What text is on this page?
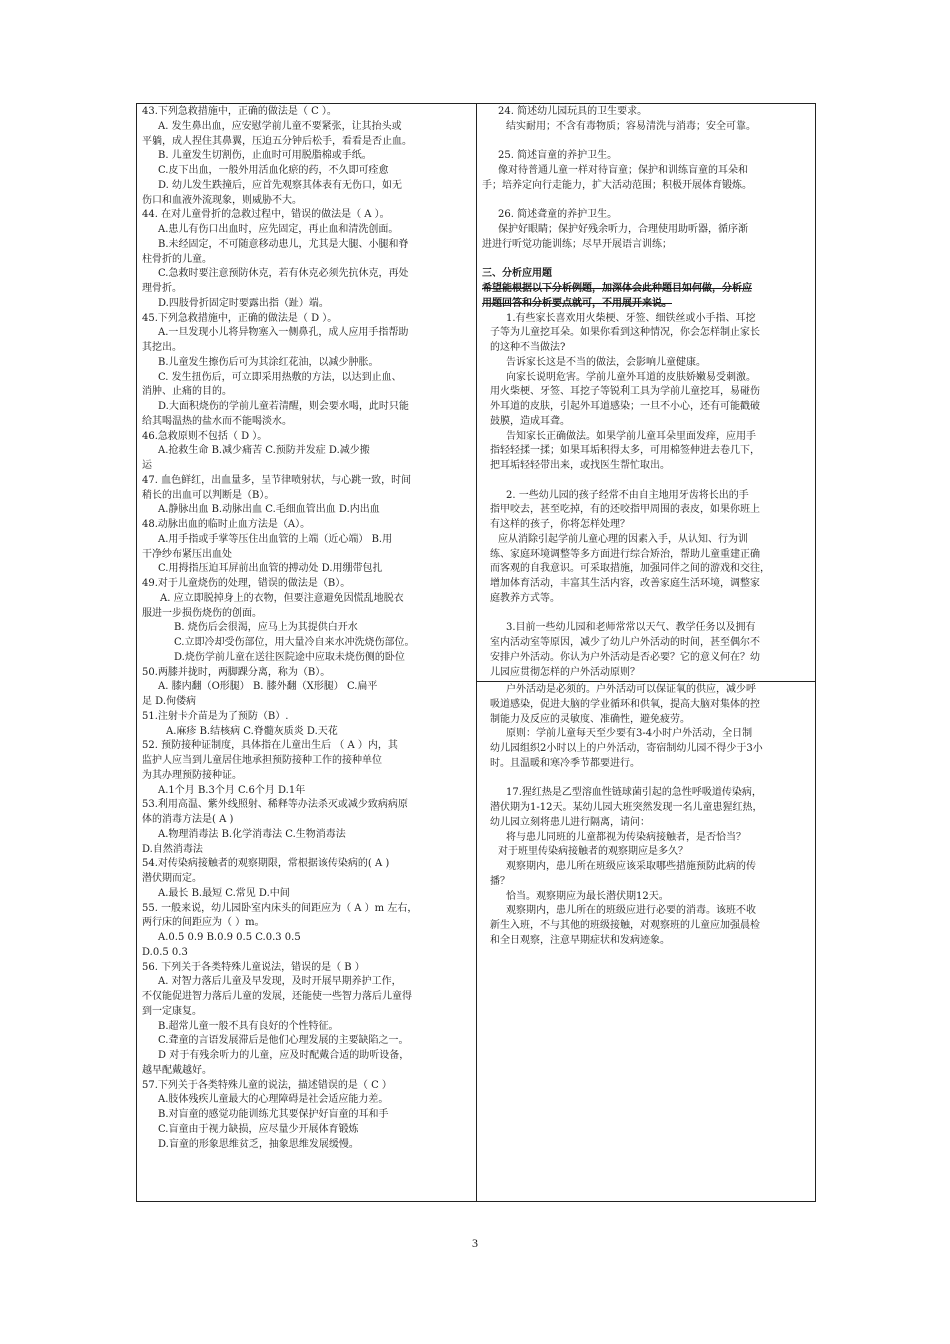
43.下列急救措施中，正确的做法是（ C ）。
A. 发生鼻出血，应安慰学前儿童不要紧张，让其抬头或
平躺，成人捏住其鼻翼，压迫五分钟后松手，看看是否止血。
B. 儿童发生切割伤，止血时可用脱脂棉或手纸。
C.皮下出血，一般外用活血化瘀的药，不久即可痊愈
D. 幼儿发生跌撞后，应首先观察其体表有无伤口，如无
伤口和血液外流现象，则威胁不大。
44. 在对儿童骨折的急救过程中，错误的做法是（ A ）。
A.患儿有伤口出血时，应先固定，再止血和清洗创面。
B.未经固定，不可随意移动患儿，尤其是大腿、小腿和脊
柱骨折的儿童。
C.急救时要注意预防休克，若有休克必须先抗休克，再处
理骨折。
D.四肢骨折固定时要露出指（趾）端。
45.下列急救措施中，正确的做法是（ D ）。
A.一旦发现小儿将异物塞入一侧鼻孔，成人应用手指帮助
其挖出。
B.儿童发生擦伤后可为其涂红花油，以减少肿胀。
C. 发生扭伤后，可立即采用热敷的方法，以达到止血、
消肿、止痛的目的。
D.大面积烧伤的学前儿童若清醒，则会要水喝，此时只能
给其喝温热的盐水而不能喝淡水。
46.急救原则不包括（ D ）。
A.抢救生命 B.减少痛苦 C.预防并发症 D.减少搬
运
47. 血色鲜红，出血量多，呈节律喷射状，与心跳一致，时间
稍长的出血可以判断是（B）。
A.静脉出血 B.动脉出血 C.毛细血管出血 D.内出血
48.动脉出血的临时止血方法是（A）。
A.用手指或手掌等压住出血管的上端（近心端） B.用
干净纱布紧压出血处
C.用拇指压迫耳屏前出血管的搏动处 D.用绷带包扎
49.对于儿童烧伤的处理，错误的做法是（B）。
A. 应立即脱掉身上的衣物，但要注意避免因慌乱地脱衣
服进一步损伤烧伤的创面。
B. 烧伤后会很渴，应马上为其提供白开水
C.立即冷却受伤部位，用大量冷自来水冲洗烧伤部位。
D.烧伤学前儿童在送往医院途中应取未烧伤侧的卧位
50.两膝并拢时，两脚踝分离，称为（B）。
A. 膝内翻（O形腿） B. 膝外翻（X形腿） C.扁平
足 D.佝偻病
51.注射卡介苗是为了预防（B）.
A.麻疹 B.结核病 C.脊髓灰质炎 D.天花
52. 预防接种证制度，具体指在儿童出生后 （ A ）内，其
监护人应当到儿童居住地承担预防接种工作的接种单位
为其办理预防接种证。
A.1个月 B.3个月 C.6个月 D.1年
53.利用高温、紫外线照射、稀释等办法杀灭或减少致病病原
体的消毒方法是( A )
A.物理消毒法 B.化学消毒法 C.生物消毒法
D.自然消毒法
54.对传染病接触者的观察期限，常根据该传染病的( A )
潜伏期而定。
A.最长 B.最短 C.常见 D.中间
55. 一般来说，幼儿园卧室内床头的间距应为（ A ）m 左右，
两行床的间距应为（ ）m。
A.0.5 0.9 B.0.9 0.5 C.0.3 0.5
D.0.5 0.3
56. 下列关于各类特殊儿童说法，错误的是（ B ）
A. 对智力落后儿童及早发现，及时开展早期养护工作，
不仅能促进智力落后儿童的发展，还能使一些智力落后儿童得
到一定康复。
B.超常儿童一般不具有良好的个性特征。
C.聋童的言语发展滞后是他们心理发展的主要缺陷之一。
D 对于有残余听力的儿童，应及时配戴合适的助听设备，
越早配戴越好。
57.下列关于各类特殊儿童的说法，描述错误的是（ C ）
A.肢体残疾儿童最大的心理障碍是社会适应能力差。
B.对盲童的感觉功能训练尤其要保护好盲童的耳和手
C.盲童由于视力缺损，应尽量少开展体育锻炼
D.盲童的形象思维贫乏，抽象思维发展缓慢。
24. 简述幼儿园玩具的卫生要求。
结实耐用；不含有毒物质；容易清洗与消毒；安全可靠。
25. 简述盲童的养护卫生。
像对待普通儿童一样对待盲童；保护和训练盲童的耳朵和
手；培养定向行走能力，扩大活动范围；积极开展体育锻炼。
26. 简述聋童的养护卫生。
保护好眼睛；保护好残余听力，合理使用助听器，循序渐
进进行听觉功能训练；尽早开展语言训练；
三、分析应用题
希望能根据以下分析例题，加深体会此种题目如何做，分析应
用题回答和分析要点就可，不用展开来说。
1.有些家长喜欢用火柴梗、牙签、细铁丝或小手指、耳挖
子等为儿童挖耳朵。如果你看到这种情况，你会怎样制止家长
的这种不当做法?
告诉家长这是不当的做法，会影响儿童健康。
向家长说明危害。学前儿童外耳道的皮肤娇嫩易受刺激。
用火柴梗、牙签、耳挖子等锐利工具为学前儿童挖耳，易碰伤
外耳道的皮肤，引起外耳道感染；一旦不小心，还有可能戳破
鼓膜，造成耳聋。
告知家长正确做法。如果学前儿童耳朵里面发痒，应用手
指轻轻揉一揉；如果耳垢积得太多，可用棉签伸进去卷几下，
把耳垢轻轻带出来，或找医生帮忙取出。
2. 一些幼儿园的孩子经常不由自主地用牙齿将长出的手
指甲咬去，甚至吃掉，有的还咬指甲周围的表皮，如果你班上
有这样的孩子，你将怎样处理？
应从消除引起学前儿童心理的因素入手，从认知、行为训
练、家庭环境调整等多方面进行综合矫治，帮助儿童重建正确
而客观的自我意识。可采取措施，加强同伴之间的游戏和交往，
增加体育活动，丰富其生活内容，改善家庭生活环境，调整家
庭教养方式等。
3.目前一些幼儿园和老师常常以天气、教学任务以及拥有
室内活动室等原因，减少了幼儿户外活动的时间，甚至偶尔不
安排户外活动。你认为户外活动是否必要？它的意义何在？幼
儿园应贯彻怎样的户外活动原则？
户外活动是必须的。户外活动可以保证氧的供应，减少呼
吸道感染，促进大脑的学业循环和供氧，提高大脑对集体的控
制能力及反应的灵敏度、准确性，避免疲劳。
原则：学前儿童每天至少要有3-4小时户外活动，全日制
幼儿园组织2小时以上的户外活动，寄宿制幼儿园不得少于3小
时。且温暖和寒冷季节都要进行。
17.猩红热是乙型溶血性链球菌引起的急性呼吸道传染病，
潜伏期为1-12天。某幼儿园大班突然发现一名儿童患猩红热，
幼儿园立刻将患儿进行隔离，请问：
将与患儿同班的儿童都视为传染病接触者，是否恰当？
对于班里传染病接触者的观察期应是多久？
观察期内，患儿所在班级应该采取哪些措施预防此病的传
播？
恰当。观察期应为最长潜伏期12天。
观察期内，患儿所在的班级应进行必要的消毒。该班不收
新生入班，不与其他的班级接触，对观察班的儿童应加强晨检
和全日观察，注意早期症状和发病迹象。
3
